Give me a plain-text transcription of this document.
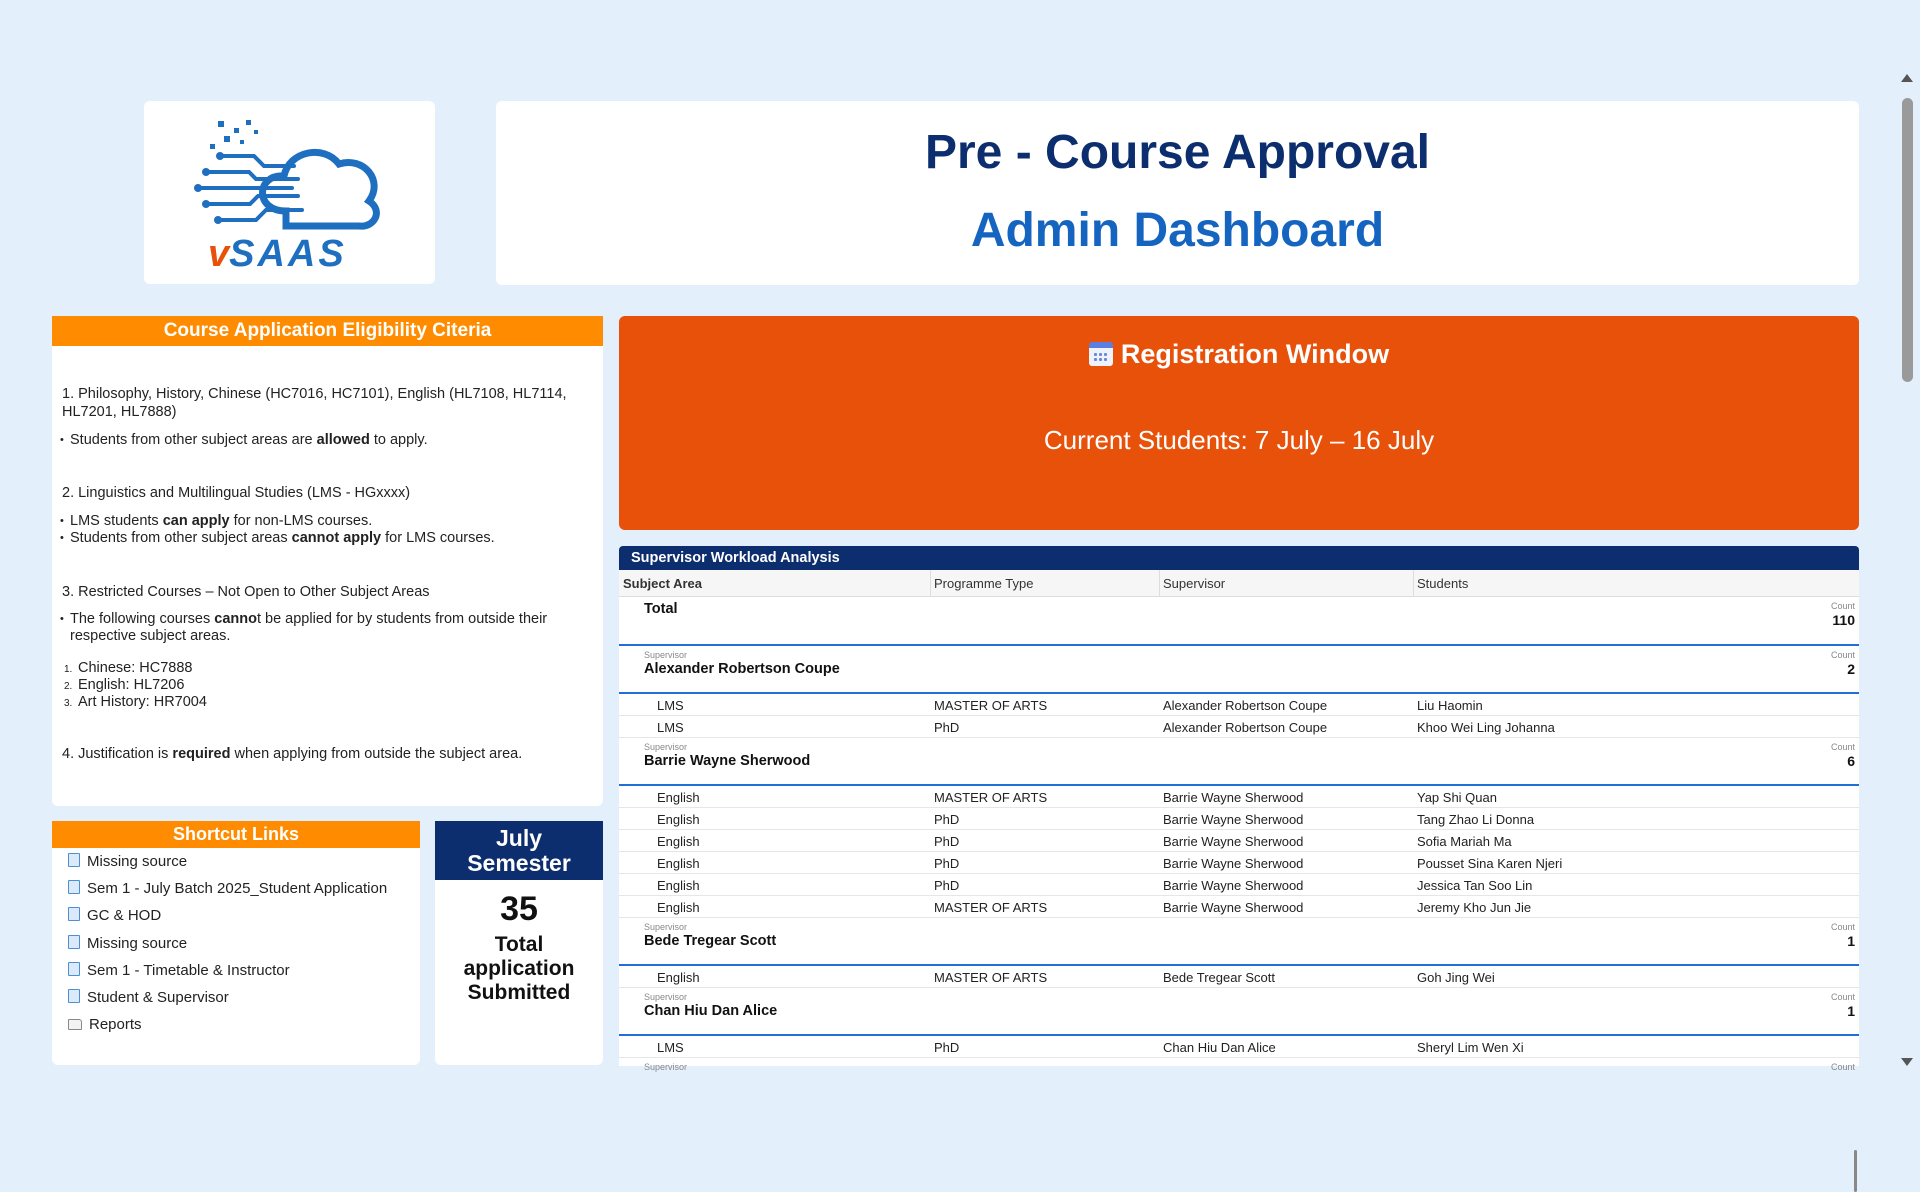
vSAAS
Pre - Course Approval
Admin Dashboard
Course Application Eligibility Citeria
1. Philosophy, History, Chinese (HC7016, HC7101), English (HL7108, HL7114, HL7201, HL7888)
• Students from other subject areas are allowed to apply.
2. Linguistics and Multilingual Studies (LMS - HGxxxx)
• LMS students can apply for non-LMS courses.
• Students from other subject areas cannot apply for LMS courses.
3. Restricted Courses – Not Open to Other Subject Areas
• The following courses cannot be applied for by students from outside their respective subject areas.
1. Chinese: HC7888
2. English: HL7206
3. Art History: HR7004
4. Justification is required when applying from outside the subject area.
Shortcut Links
Missing source
Sem 1 - July Batch 2025_Student Application
GC & HOD
Missing source
Sem 1 - Timetable & Instructor
Student & Supervisor
Reports
July
Semester
35
Total
application
Submitted
Registration Window
Current Students: 7 July – 16 July
Supervisor Workload Analysis
Subject Area	Programme Type	Supervisor	Students
Total	Count
110
Supervisor
Alexander Robertson Coupe
Count
2
LMS	MASTER OF ARTS	Alexander Robertson Coupe	Liu Haomin
LMS	PhD	Alexander Robertson Coupe	Khoo Wei Ling Johanna
Supervisor
Barrie Wayne Sherwood
Count
6
English	MASTER OF ARTS	Barrie Wayne Sherwood	Yap Shi Quan
English	PhD	Barrie Wayne Sherwood	Tang Zhao Li Donna
English	PhD	Barrie Wayne Sherwood	Sofia Mariah Ma
English	PhD	Barrie Wayne Sherwood	Pousset Sina Karen Njeri
English	PhD	Barrie Wayne Sherwood	Jessica Tan Soo Lin
English	MASTER OF ARTS	Barrie Wayne Sherwood	Jeremy Kho Jun Jie
Supervisor
Bede Tregear Scott
Count
1
English	MASTER OF ARTS	Bede Tregear Scott	Goh Jing Wei
Supervisor
Chan Hiu Dan Alice
Count
1
LMS	PhD	Chan Hiu Dan Alice	Sheryl Lim Wen Xi
Supervisor	Count
